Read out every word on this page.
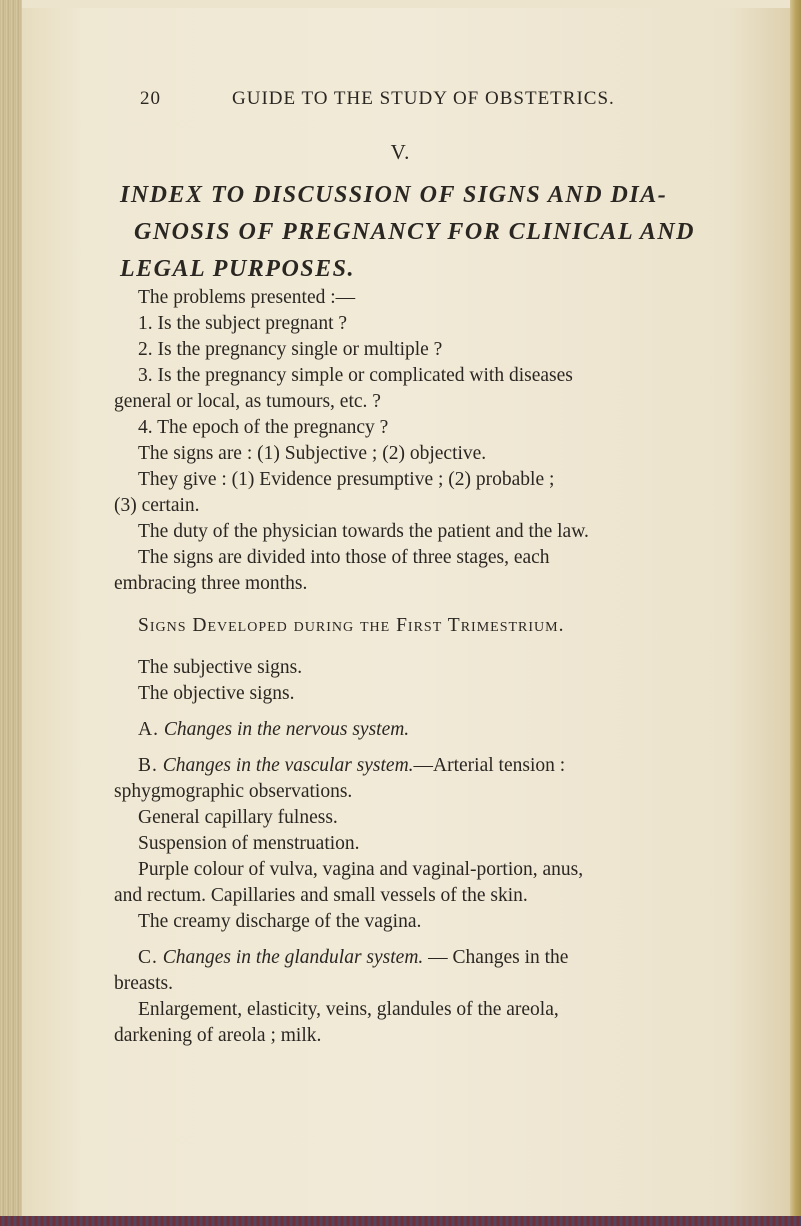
20	GUIDE TO THE STUDY OF OBSTETRICS.
V.
INDEX TO DISCUSSION OF SIGNS AND DIA-
GNOSIS OF PREGNANCY FOR CLINICAL AND
LEGAL PURPOSES.
The problems presented :—
1. Is the subject pregnant ?
2. Is the pregnancy single or multiple ?
3. Is the pregnancy simple or complicated with diseases
general or local, as tumours, etc. ?
4. The epoch of the pregnancy ?
The signs are : (1) Subjective ; (2) objective.
They give : (1) Evidence presumptive ; (2) probable ;
(3) certain.
The duty of the physician towards the patient and the law.
The signs are divided into those of three stages, each
embracing three months.
Signs Developed during the First Trimestrium.
The subjective signs.
The objective signs.
A. Changes in the nervous system.
B. Changes in the vascular system.—Arterial tension :
sphygmographic observations.
General capillary fulness.
Suspension of menstruation.
Purple colour of vulva, vagina and vaginal-portion, anus,
and rectum. Capillaries and small vessels of the skin.
The creamy discharge of the vagina.
C. Changes in the glandular system. — Changes in the
breasts.
Enlargement, elasticity, veins, glandules of the areola,
darkening of areola ; milk.
